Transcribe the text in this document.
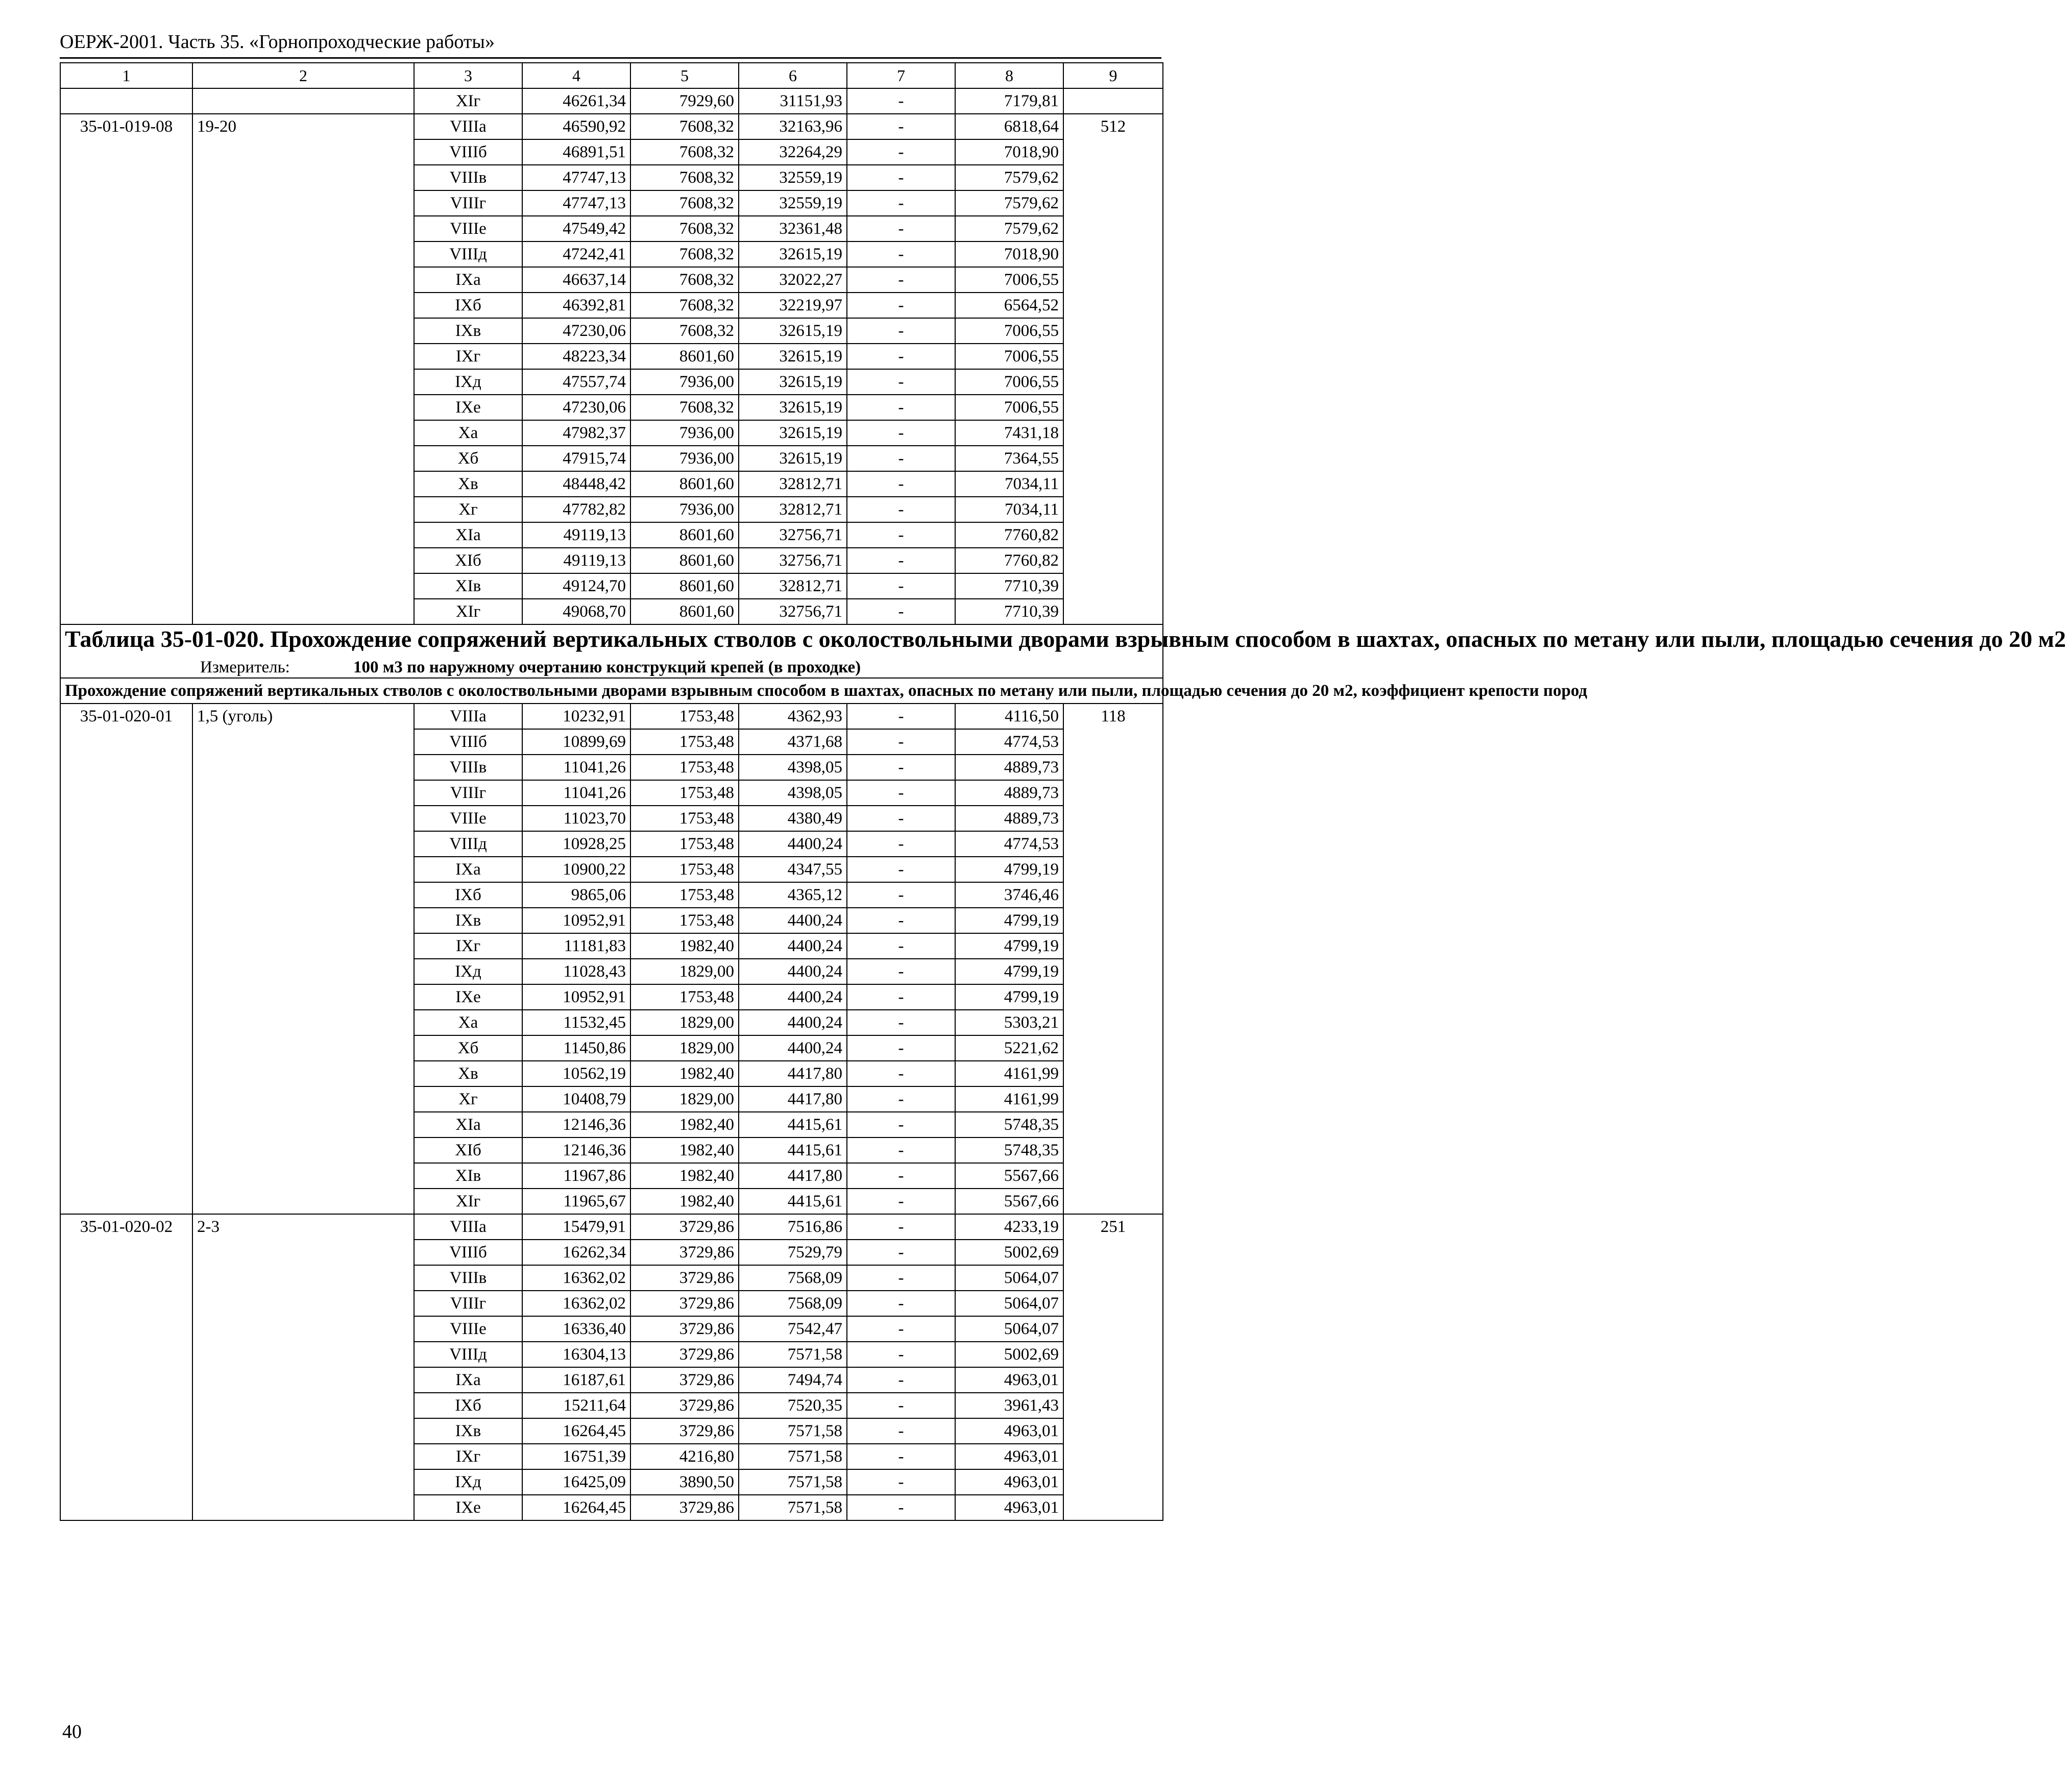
ОЕРЖ-2001. Часть 35. «Горнопроходческие работы»
1	2	3	4	5	6	7	8	9
		ХIг	46261,34	7929,60	31151,93	-	7179,81	
35-01-019-08	19-20	VIIIа	46590,92	7608,32	32163,96	-	6818,64	512
		VIIIб	46891,51	7608,32	32264,29	-	7018,90	
		VIIIв	47747,13	7608,32	32559,19	-	7579,62	
		VIIIг	47747,13	7608,32	32559,19	-	7579,62	
		VIIIе	47549,42	7608,32	32361,48	-	7579,62	
		VIIIд	47242,41	7608,32	32615,19	-	7018,90	
		IXа	46637,14	7608,32	32022,27	-	7006,55	
		IXб	46392,81	7608,32	32219,97	-	6564,52	
		IXв	47230,06	7608,32	32615,19	-	7006,55	
		IXг	48223,34	8601,60	32615,19	-	7006,55	
		IXд	47557,74	7936,00	32615,19	-	7006,55	
		IXе	47230,06	7608,32	32615,19	-	7006,55	
		Xа	47982,37	7936,00	32615,19	-	7431,18	
		Xб	47915,74	7936,00	32615,19	-	7364,55	
		Xв	48448,42	8601,60	32812,71	-	7034,11	
		Xг	47782,82	7936,00	32812,71	-	7034,11	
		XIа	49119,13	8601,60	32756,71	-	7760,82	
		XIб	49119,13	8601,60	32756,71	-	7760,82	
		XIв	49124,70	8601,60	32812,71	-	7710,39	
		XIг	49068,70	8601,60	32756,71	-	7710,39	

Таблица 35-01-020. Прохождение сопряжений вертикальных стволов с околоствольными дворами взрывным способом в шахтах, опасных по метану или пыли, площадью сечения до 20 м2
Измеритель: 100 м3 по наружному очертанию конструкций крепей (в проходке)								

Прохождение сопряжений вертикальных стволов с околоствольными дворами взрывным способом в шахтах, опасных по метану или пыли, площадью сечения до 20 м2, коэффициент крепости пород								
35-01-020-01	1,5 (уголь)	VIIIа	10232,91	1753,48	4362,93	-	4116,50	118
		VIIIб	10899,69	1753,48	4371,68	-	4774,53	
		VIIIв	11041,26	1753,48	4398,05	-	4889,73	
		VIIIг	11041,26	1753,48	4398,05	-	4889,73	
		VIIIе	11023,70	1753,48	4380,49	-	4889,73	
		VIIIд	10928,25	1753,48	4400,24	-	4774,53	
		IXа	10900,22	1753,48	4347,55	-	4799,19	
		IXб	9865,06	1753,48	4365,12	-	3746,46	
		IXв	10952,91	1753,48	4400,24	-	4799,19	
		IXг	11181,83	1982,40	4400,24	-	4799,19	
		IXд	11028,43	1829,00	4400,24	-	4799,19	
		IXе	10952,91	1753,48	4400,24	-	4799,19	
		Xа	11532,45	1829,00	4400,24	-	5303,21	
		Xб	11450,86	1829,00	4400,24	-	5221,62	
		Xв	10562,19	1982,40	4417,80	-	4161,99	
		Xг	10408,79	1829,00	4417,80	-	4161,99	
		XIа	12146,36	1982,40	4415,61	-	5748,35	
		XIб	12146,36	1982,40	4415,61	-	5748,35	
		XIв	11967,86	1982,40	4417,80	-	5567,66	
		XIг	11965,67	1982,40	4415,61	-	5567,66	
35-01-020-02	2-3	VIIIа	15479,91	3729,86	7516,86	-	4233,19	251
		VIIIб	16262,34	3729,86	7529,79	-	5002,69	
		VIIIв	16362,02	3729,86	7568,09	-	5064,07	
		VIIIг	16362,02	3729,86	7568,09	-	5064,07	
		VIIIе	16336,40	3729,86	7542,47	-	5064,07	
		VIIIд	16304,13	3729,86	7571,58	-	5002,69	
		IXа	16187,61	3729,86	7494,74	-	4963,01	
		IXб	15211,64	3729,86	7520,35	-	3961,43	
		IXв	16264,45	3729,86	7571,58	-	4963,01	
		IXг	16751,39	4216,80	7571,58	-	4963,01	
		IXд	16425,09	3890,50	7571,58	-	4963,01	
		IXе	16264,45	3729,86	7571,58	-	4963,01	
40
